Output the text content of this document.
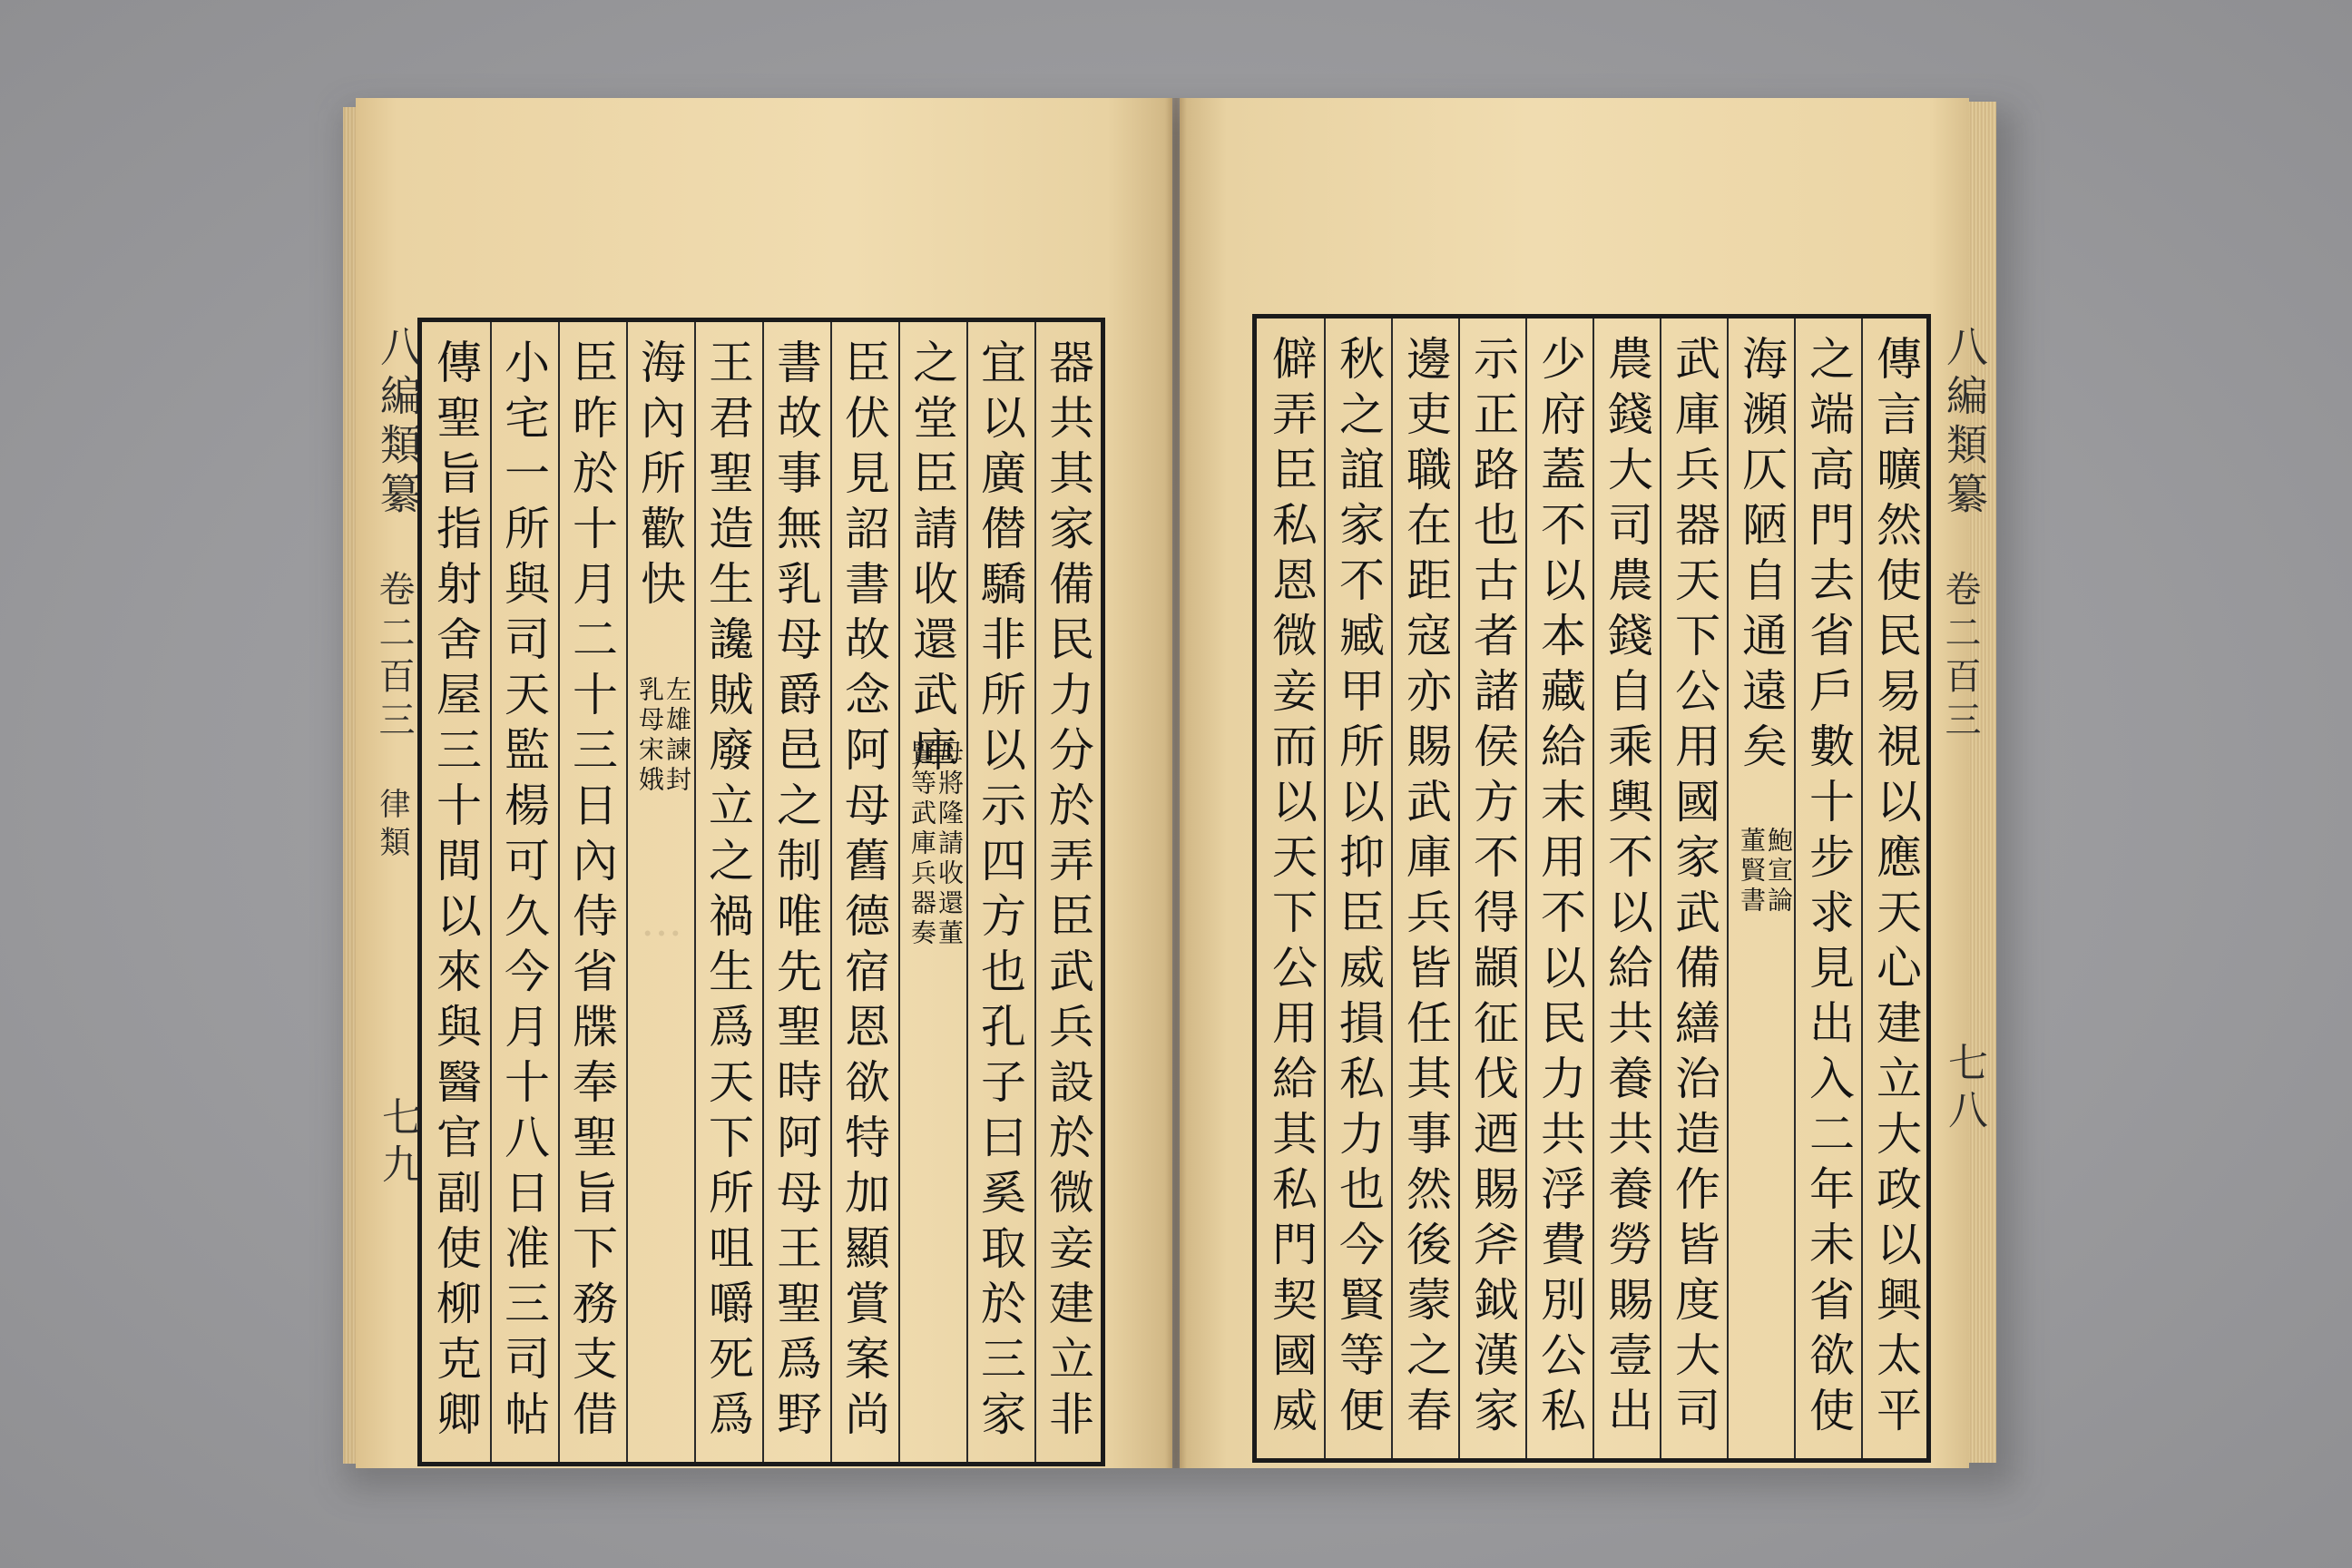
八編類纂
卷二百三
律類
七九
…	器共其家備民力分於弄臣武兵設於微妾建立非
宜以廣僣驕非所以示四方也孔子曰奚取於三家
之堂臣請收還武庫
母將隆請收還董
賢等武庫兵器奏
臣伏見詔書故念阿母舊德宿恩欲特加顯賞案尚
書故事無乳母爵邑之制唯先聖時阿母王聖爲野
王君聖造生讒賊廢立之禍生爲天下所咀嚼死爲
海內所歡快
左雄諫封
乳母宋娥
小宅一所與司天監楊可久今月十八日准三司帖
傳聖旨指射舍屋三十間以來與醫官副使柳克卿 臣昨於十月二十三日內侍省牒奉聖旨下務支借	八編類纂
卷二百三
七八
傳言曠然使民易視以應天心建立大政以興太平
之端高門去省戶數十步求見出入二年未省欲使
海瀕仄陋自通遠矣
鮑宣論
董賢書
武庫兵器天下公用國家武備繕治造作皆度大司
農錢大司農錢自乘輿不以給共養共養勞賜壹出
少府蓋不以本藏給末用不以民力共浮費別公私
示正路也古者諸侯方不得顓征伐迺賜斧鉞漢家
邊吏職在距寇亦賜武庫兵皆任其事然後蒙之春
秋之誼家不臧甲所以抑臣威損私力也今賢等便
僻弄臣私恩微妾而以天下公用給其私門契國威
